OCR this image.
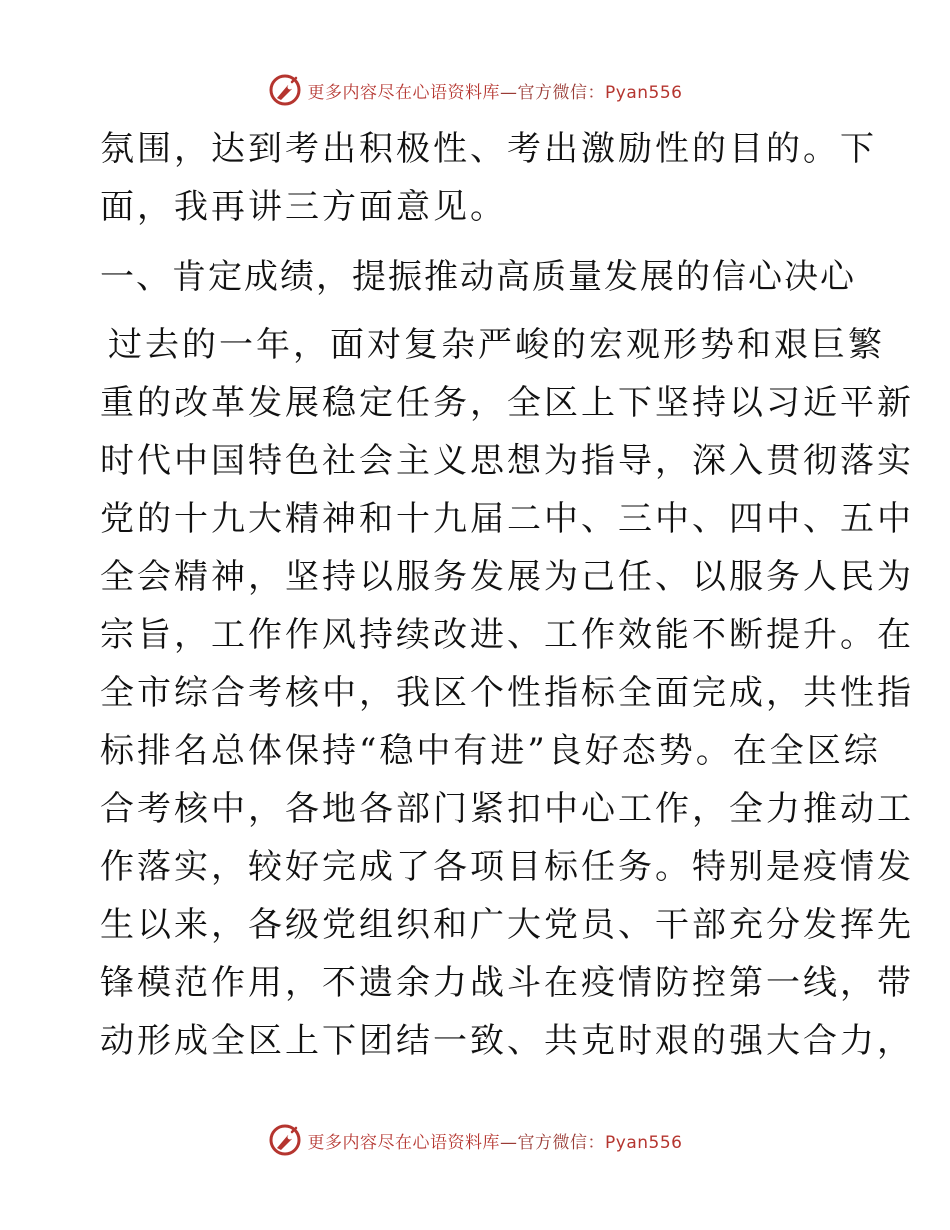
更多内容尽在心语资料库—官方微信：Pyan556

氛围，达到考出积极性、考出激励性的目的。下
面，我再讲三方面意见。

一、肯定成绩，提振推动高质量发展的信心决心

过去的一年，面对复杂严峻的宏观形势和艰巨繁
重的改革发展稳定任务，全区上下坚持以习近平新
时代中国特色社会主义思想为指导，深入贯彻落实
党的十九大精神和十九届二中、三中、四中、五中
全会精神，坚持以服务发展为己任、以服务人民为
宗旨，工作作风持续改进、工作效能不断提升。在
全市综合考核中，我区个性指标全面完成，共性指
标排名总体保持“稳中有进”良好态势。在全区综
合考核中，各地各部门紧扣中心工作，全力推动工
作落实，较好完成了各项目标任务。特别是疫情发
生以来，各级党组织和广大党员、干部充分发挥先
锋模范作用，不遗余力战斗在疫情防控第一线，带
动形成全区上下团结一致、共克时艰的强大合力，

更多内容尽在心语资料库—官方微信：Pyan556
